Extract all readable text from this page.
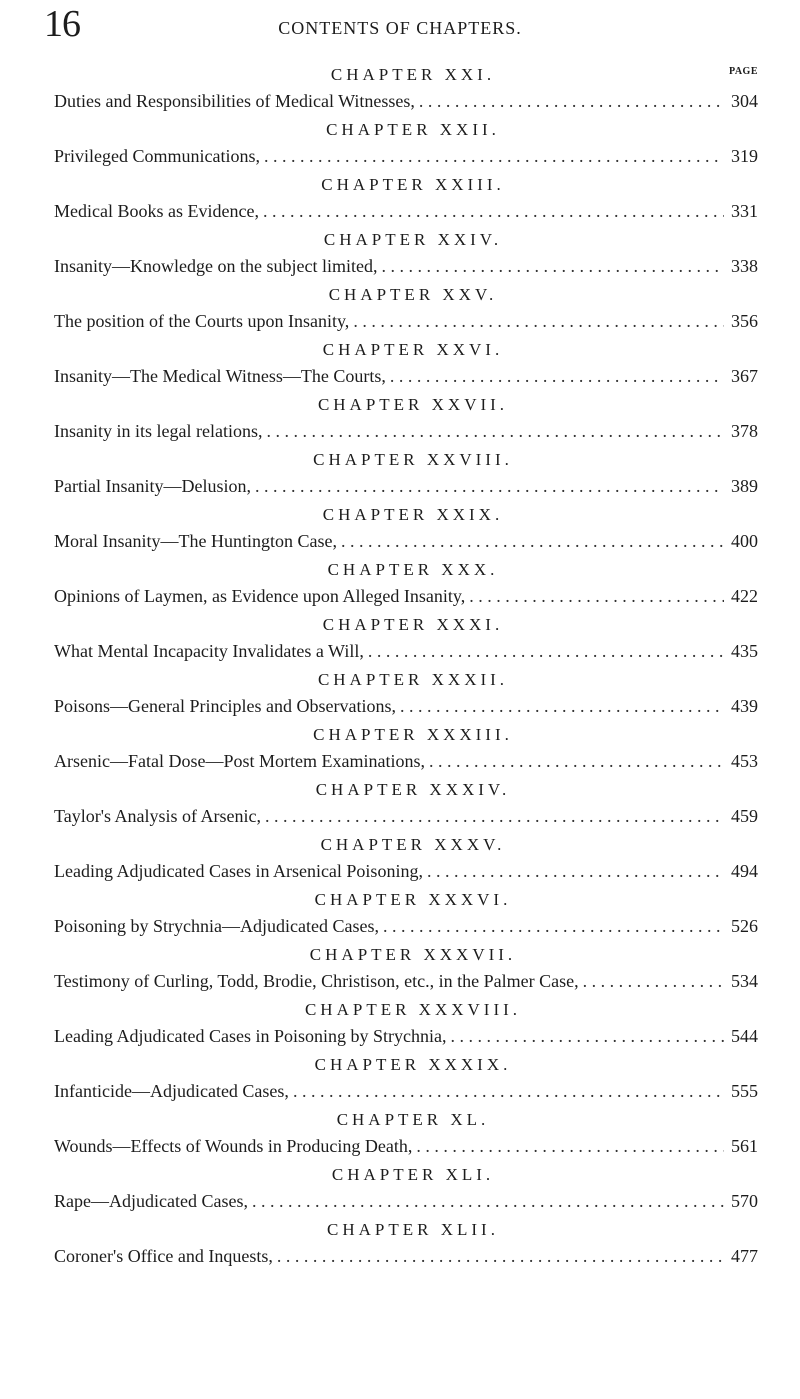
16	CONTENTS OF CHAPTERS.
PAGE
CHAPTER XXI.
Duties and Responsibilities of Medical Witnesses, . . .	304
CHAPTER XXII.
Privileged Communications, . . .	319
CHAPTER XXIII.
Medical Books as Evidence, . . .	331
CHAPTER XXIV.
Insanity—Knowledge on the subject limited, . . .	338
CHAPTER XXV.
The position of the Courts upon Insanity, . . .	356
CHAPTER XXVI.
Insanity—The Medical Witness—The Courts, . . .	367
CHAPTER XXVII.
Insanity in its legal relations, . . .	378
CHAPTER XXVIII.
Partial Insanity—Delusion, . . .	389
CHAPTER XXIX.
Moral Insanity—The Huntington Case, . . .	400
CHAPTER XXX.
Opinions of Laymen, as Evidence upon Alleged Insanity, . . .	422
CHAPTER XXXI.
What Mental Incapacity Invalidates a Will, . . .	435
CHAPTER XXXII.
Poisons—General Principles and Observations, . . .	439
CHAPTER XXXIII.
Arsenic—Fatal Dose—Post Mortem Examinations, . . .	453
CHAPTER XXXIV.
Taylor's Analysis of Arsenic, . . .	459
CHAPTER XXXV.
Leading Adjudicated Cases in Arsenical Poisoning, . . .	494
CHAPTER XXXVI.
Poisoning by Strychnia—Adjudicated Cases, . . .	526
CHAPTER XXXVII.
Testimony of Curling, Todd, Brodie, Christison, etc., in the Palmer Case, . . .	534
CHAPTER XXXVIII.
Leading Adjudicated Cases in Poisoning by Strychnia, . . .	544
CHAPTER XXXIX.
Infanticide—Adjudicated Cases, . . .	555
CHAPTER XL.
Wounds—Effects of Wounds in Producing Death, . . .	561
CHAPTER XLI.
Rape—Adjudicated Cases, . . .	570
CHAPTER XLII.
Coroner's Office and Inquests, . . .	477
